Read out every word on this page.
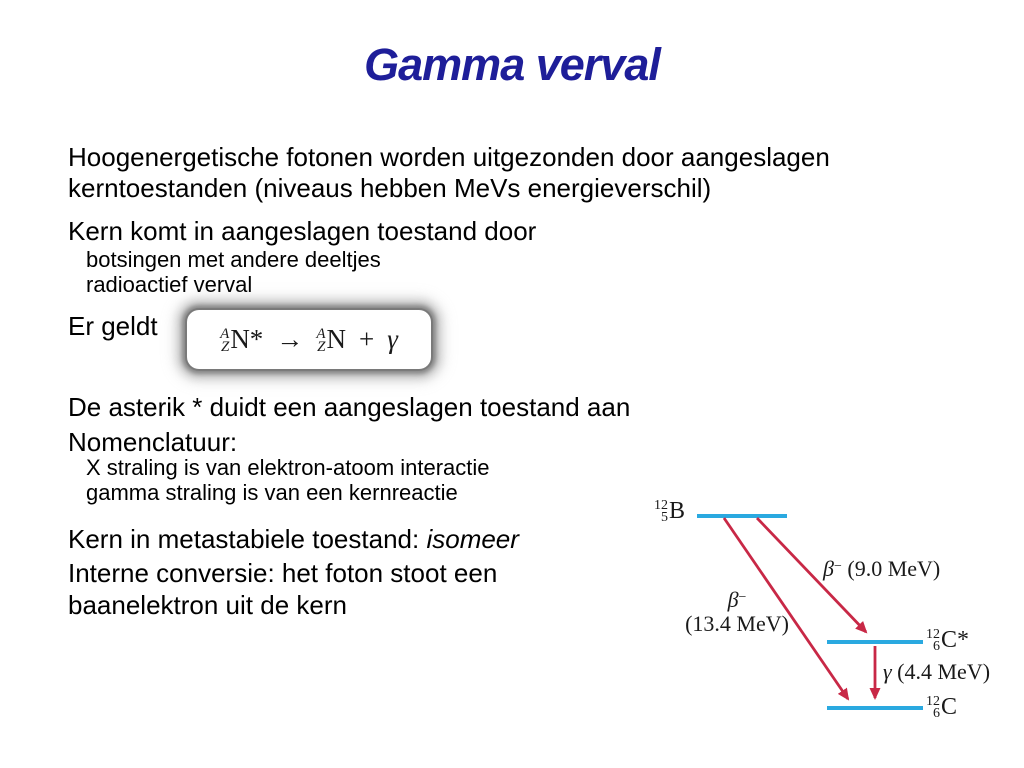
Gamma verval
Hoogenergetische fotonen worden uitgezonden door aangeslagen kerntoestanden (niveaus hebben MeVs energieverschil)
Kern komt in aangeslagen toestand door
botsingen met andere deeltjes
radioactief verval
Er geldt	A
Z N* → A
Z N + γ
De asterik * duidt een aangeslagen toestand aan
Nomenclatuur:
X straling is van elektron-atoom interactie
gamma straling is van een kernreactie
Kern in metastabiele toestand: isomeer
Interne conversie: het foton stoot een baanelektron uit de kern
12
5 B
12
6 C*
12
6 C
β− (9.0 MeV)
β−
(13.4 MeV)
γ (4.4 MeV)
